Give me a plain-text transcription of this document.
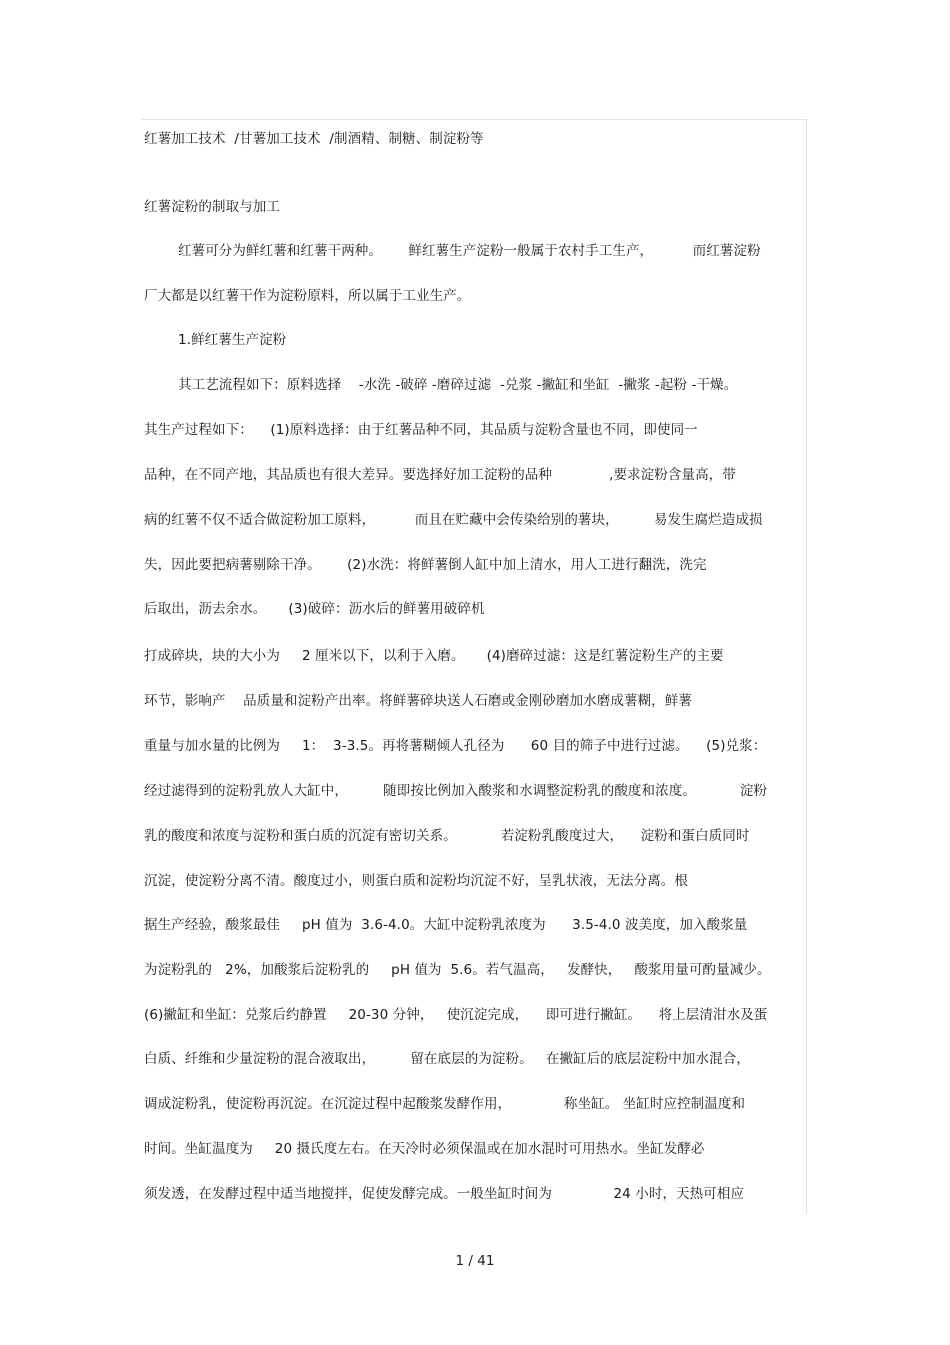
红薯加工技术  /甘薯加工技术  /制酒精、制糖、制淀粉等
红薯淀粉的制取与加工
红薯可分为鲜红薯和红薯干两种。      鲜红薯生产淀粉一般属于农村手工生产，         而红薯淀粉
厂大都是以红薯干作为淀粉原料，所以属于工业生产。
1.鲜红薯生产淀粉
其工艺流程如下：原料选择    -水洗 -破碎 -磨碎过滤  -兑浆 -撇缸和坐缸  -撇浆 -起粉 -干燥。
其生产过程如下：    (1)原料选择：由于红薯品种不同，其品质与淀粉含量也不同，即使同一
品种，在不同产地，其品质也有很大差异。要选择好加工淀粉的品种             ,要求淀粉含量高，带
病的红薯不仅不适合做淀粉加工原料，         而且在贮藏中会传染给别的薯块，        易发生腐烂造成损
失，因此要把病薯剔除干净。      (2)水洗：将鲜薯倒人缸中加上清水，用人工进行翻洗，洗完
后取出，沥去余水。     (3)破碎：沥水后的鲜薯用破碎机
打成碎块，块的大小为     2 厘米以下，以利于入磨。     (4)磨碎过滤：这是红薯淀粉生产的主要
环节，影响产    品质量和淀粉产出率。将鲜薯碎块送人石磨或金刚砂磨加水磨成薯糊，鲜薯
重量与加水量的比例为     1：  3-3.5。再将薯糊倾人孔径为      60 目的筛子中进行过滤。    (5)兑浆：
经过滤得到的淀粉乳放人大缸中，        随即按比例加入酸浆和水调整淀粉乳的酸度和浓度。          淀粉
乳的酸度和浓度与淀粉和蛋白质的沉淀有密切关系。          若淀粉乳酸度过大，    淀粉和蛋白质同时
沉淀，使淀粉分离不清。酸度过小，则蛋白质和淀粉均沉淀不好，呈乳状液，无法分离。根
据生产经验，酸浆最佳     pH 值为  3.6-4.0。大缸中淀粉乳浓度为      3.5-4.0 波美度，加入酸浆量
为淀粉乳的   2%，加酸浆后淀粉乳的     pH 值为  5.6。若气温高，   发酵快，   酸浆用量可酌量减少。
(6)撇缸和坐缸：兑浆后约静置     20-30 分钟，   使沉淀完成，    即可进行撇缸。    将上层清泔水及蛋
白质、纤维和少量淀粉的混合液取出，        留在底层的为淀粉。   在撇缸后的底层淀粉中加水混合，
调成淀粉乳，使淀粉再沉淀。在沉淀过程中起酸浆发酵作用，            称坐缸。 坐缸时应控制温度和
时间。坐缸温度为     20 摄氏度左右。在天冷时必须保温或在加水混时可用热水。坐缸发酵必
须发透，在发酵过程中适当地搅拌，促使发酵完成。一般坐缸时间为              24 小时，天热可相应
1 / 41
